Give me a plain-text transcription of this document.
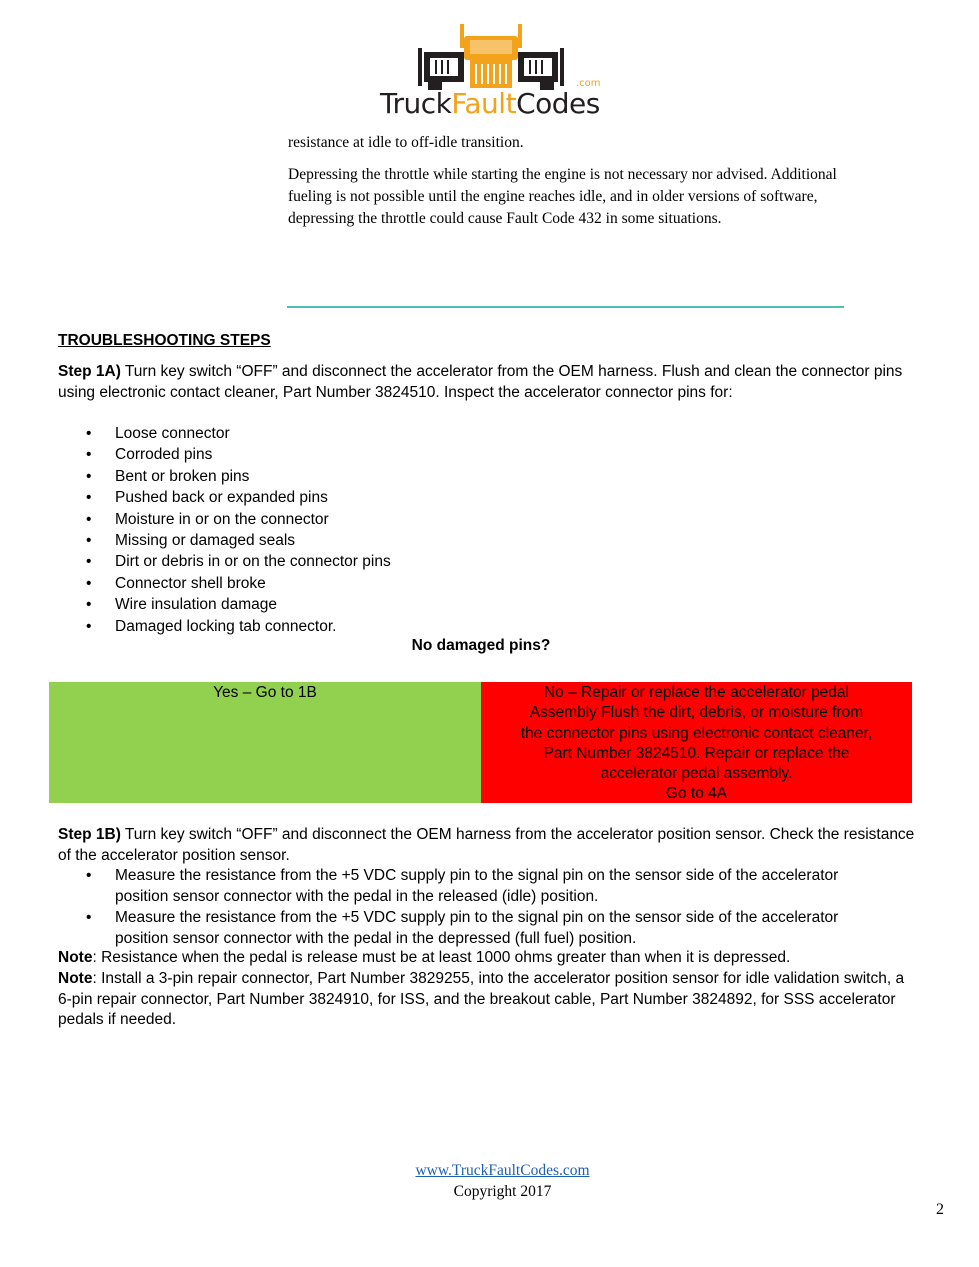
TruckFaultCodes
.com
resistance at idle to off-idle transition.
Depressing the throttle while starting the engine is not necessary nor advised. Additional fueling is not possible until the engine reaches idle, and in older versions of software, depressing the throttle could cause Fault Code 432 in some situations.
TROUBLESHOOTING STEPS
Step 1A) Turn key switch “OFF” and disconnect the accelerator from the OEM harness. Flush and clean the connector pins using electronic contact cleaner, Part Number 3824510. Inspect the accelerator connector pins for:
•	Loose connector
•	Corroded pins
•	Bent or broken pins
•	Pushed back or expanded pins
•	Moisture in or on the connector
•	Missing or damaged seals
•	Dirt or debris in or on the connector pins
•	Connector shell broke
•	Wire insulation damage
•	Damaged locking tab connector.
No damaged pins?
Yes – Go to 1B	No – Repair or replace the accelerator pedal
Assembly Flush the dirt, debris, or moisture from
the connector pins using electronic contact cleaner,
Part Number 3824510. Repair or replace the
accelerator pedal assembly.
Go to 4A
Step 1B) Turn key switch “OFF” and disconnect the OEM harness from the accelerator position sensor. Check the resistance of the accelerator position sensor.
• Measure the resistance from the +5 VDC supply pin to the signal pin on the sensor side of the accelerator position sensor connector with the pedal in the released (idle) position.
• Measure the resistance from the +5 VDC supply pin to the signal pin on the sensor side of the accelerator position sensor connector with the pedal in the depressed (full fuel) position.
Note: Resistance when the pedal is release must be at least 1000 ohms greater than when it is depressed.
Note: Install a 3-pin repair connector, Part Number 3829255, into the accelerator position sensor for idle validation switch, a 6-pin repair connector, Part Number 3824910, for ISS, and the breakout cable, Part Number 3824892, for SSS accelerator pedals if needed.
www.TruckFaultCodes.com
Copyright 2017
2
